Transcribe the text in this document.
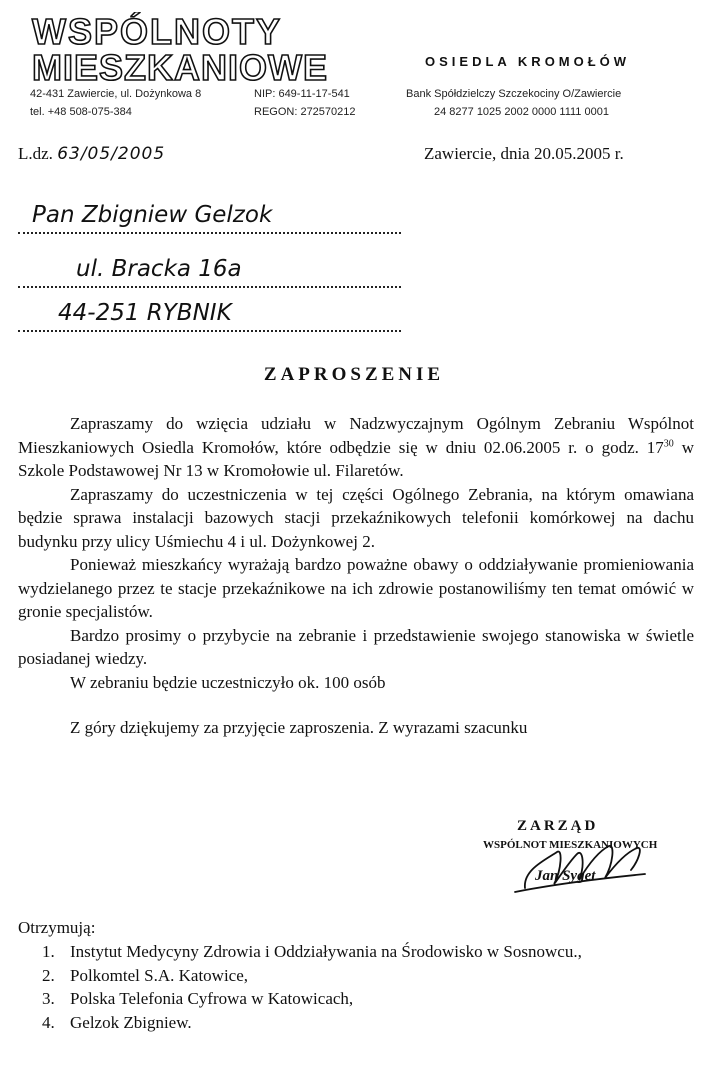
WSPÓLNOTY
MIESZKANIOWE	OSIEDLA KROMOŁÓW
42-431 Zawiercie, ul. Dożynkowa 8
tel. +48 508-075-384
NIP: 649-11-17-541
REGON: 272570212
Bank Spółdzielczy Szczekociny O/Zawiercie
24 8277 1025 2002 0000 1111 0001
L.dz. 63/05/2005	Zawiercie, dnia 20.05.2005 r.
Pan Zbigniew Gelzok
ul. Bracka 16a
44-251 RYBNIK
ZAPROSZENIE

Zapraszamy do wzięcia udziału w Nadzwyczajnym Ogólnym Zebraniu Wspólnot Mieszkaniowych Osiedla Kromołów, które odbędzie się w dniu 02.06.2005 r. o godz. $17^{30}$ w Szkole Podstawowej Nr 13 w Kromołowie ul. Filaretów.

Zapraszamy do uczestniczenia w tej części Ogólnego Zebrania, na którym omawiana będzie sprawa instalacji bazowych stacji przekaźnikowych telefonii komórkowej na dachu budynku przy ulicy Uśmiechu 4 i ul. Dożynkowej 2.

Ponieważ mieszkańcy wyrażają bardzo poważne obawy o oddziaływanie promieniowania wydzielanego przez te stacje przekaźnikowe na ich zdrowie postanowiliśmy ten temat omówić w gronie specjalistów.

Bardzo prosimy o przybycie na zebranie i przedstawienie swojego stanowiska w świetle posiadanej wiedzy.

W zebraniu będzie uczestniczyło ok. 100 osób

Z góry dziękujemy za przyjęcie zaproszenia. Z wyrazami szacunku

ZARZĄD
WSPÓLNOT MIESZKANIOWYCH
Jan Syget
Otrzymują:
1. Instytut Medycyny Zdrowia i Oddziaływania na Środowisko w Sosnowcu.,
2. Polkomtel S.A. Katowice,
3. Polska Telefonia Cyfrowa w Katowicach,
4. Gelzok Zbigniew.
